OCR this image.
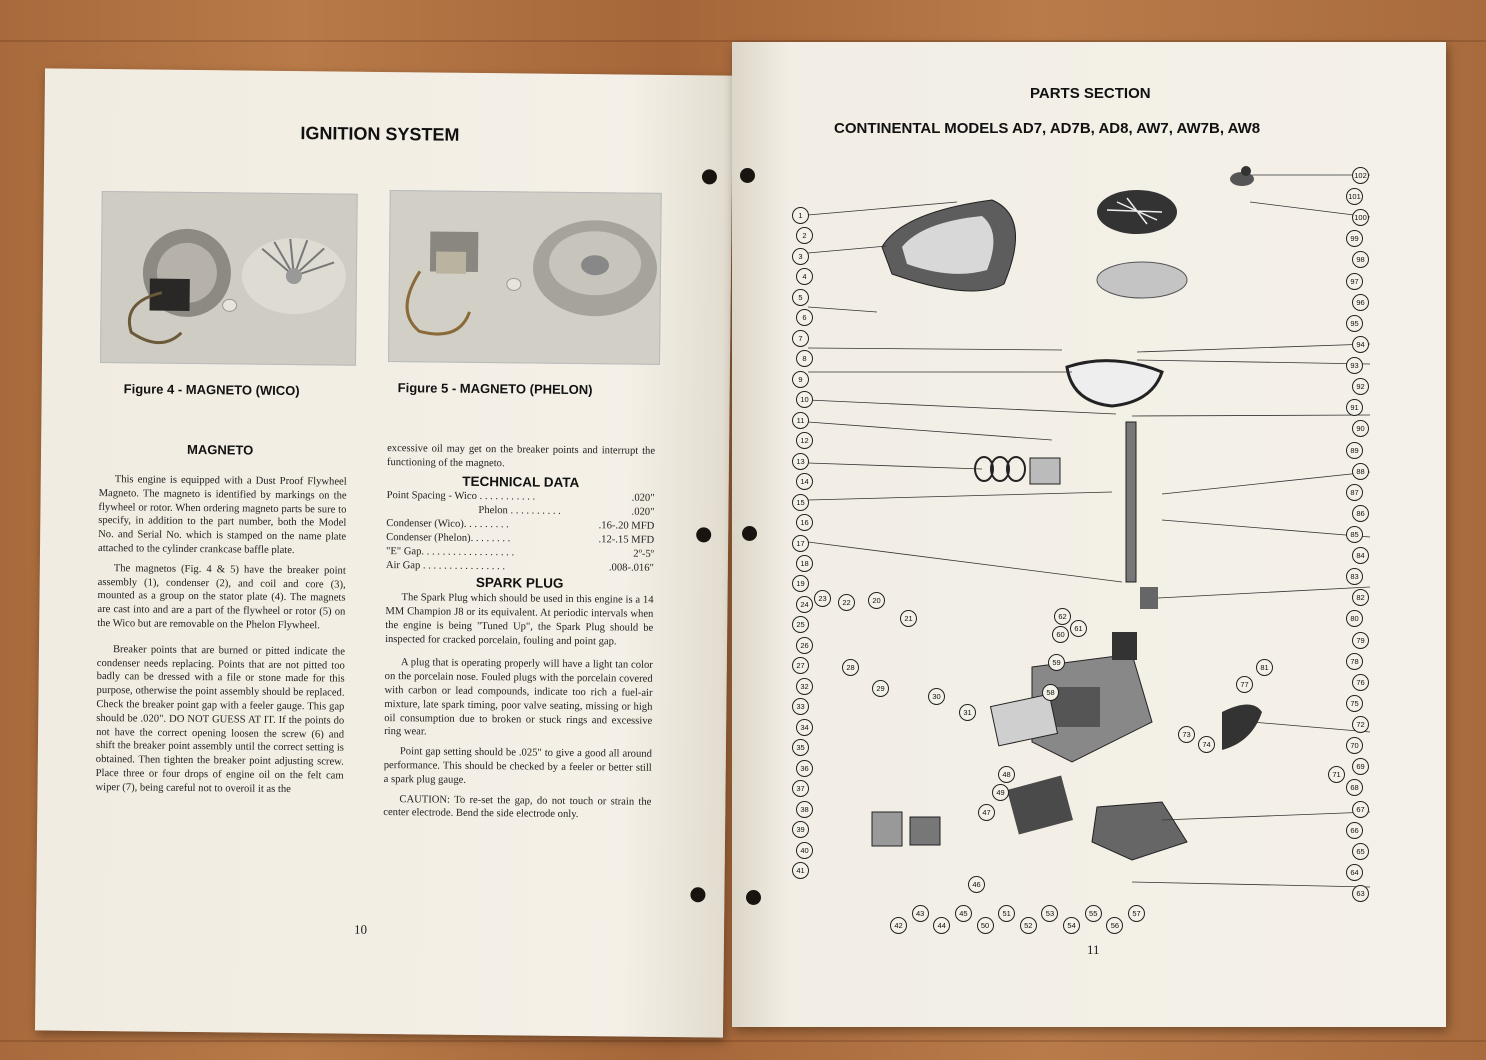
IGNITION SYSTEM
Figure 4 - MAGNETO (WICO)	Figure 5 - MAGNETO (PHELON)
MAGNETO

This engine is equipped with a Dust Proof Flywheel Magneto. The magneto is identified by markings on the flywheel or rotor. When ordering magneto parts be sure to specify, in addition to the part number, both the Model No. and Serial No. which is stamped on the name plate attached to the cylinder crankcase baffle plate.

The magnetos (Fig. 4 & 5) have the breaker point assembly (1), condenser (2), and coil and core (3), mounted as a group on the stator plate (4). The magnets are cast into and are a part of the flywheel or rotor (5) on the Wico but are removable on the Phelon Flywheel.

Breaker points that are burned or pitted indicate the condenser needs replacing. Points that are not pitted too badly can be dressed with a file or stone made for this purpose, otherwise the point assembly should be replaced. Check the breaker point gap with a feeler gauge. This gap should be .020". DO NOT GUESS AT IT. If the points do not have the correct opening loosen the screw (6) and shift the breaker point assembly until the correct setting is obtained. Then tighten the breaker point adjusting screw. Place three or four drops of engine oil on the felt cam wiper (7), being careful not to overoil it as the

excessive oil may get on the breaker points and interrupt the functioning of the magneto.
TECHNICAL DATA
Point Spacing - Wico . . . . . . . . . . .	.020"
Phelon . . . . . . . . . .	.020"
Condenser (Wico). . . . . . . . .	.16-.20 MFD
Condenser (Phelon). . . . . . . .	.12-.15 MFD
"E" Gap. . . . . . . . . . . . . . . . . .	2º-5º
Air Gap . . . . . . . . . . . . . . . .	.008-.016"
SPARK PLUG

The Spark Plug which should be used in this engine is a 14 MM Champion J8 or its equivalent. At periodic intervals when the engine is being "Tuned Up", the Spark Plug should be inspected for cracked porcelain, fouling and point gap.

A plug that is operating properly will have a light tan color on the porcelain nose. Fouled plugs with the porcelain covered with carbon or lead compounds, indicate too rich a fuel-air mixture, late spark timing, poor valve seating, missing or high oil consumption due to broken or stuck rings and excessive ring wear.

Point gap setting should be .025" to give a good all around performance. This should be checked by a feeler or better still a spark plug gauge.

CAUTION: To re-set the gap, do not touch or strain the center electrode. Bend the side electrode only.

10
PARTS SECTION
CONTINENTAL MODELS AD7, AD7B, AD8, AW7, AW7B, AW8
1
2
3
4
5
6
7
8
9
10
11
12
13
14
15
16
17
18
19
24
25
26
27
32
33
34
35
36
37
38
39
40
41
102
101
100
99
98
97
96
95
94
93
92
91
90
89
88
87
86
85
84
83
82
80
79
78
76
75
72
70
69
68
67
66
65
64
63
42
43
44
45
50
51
52
53
54
55
56
57
23	22	20
21
28
29
30
31
46
47
48
49
58
59
60
61
62
71
73
74
77
81
11
